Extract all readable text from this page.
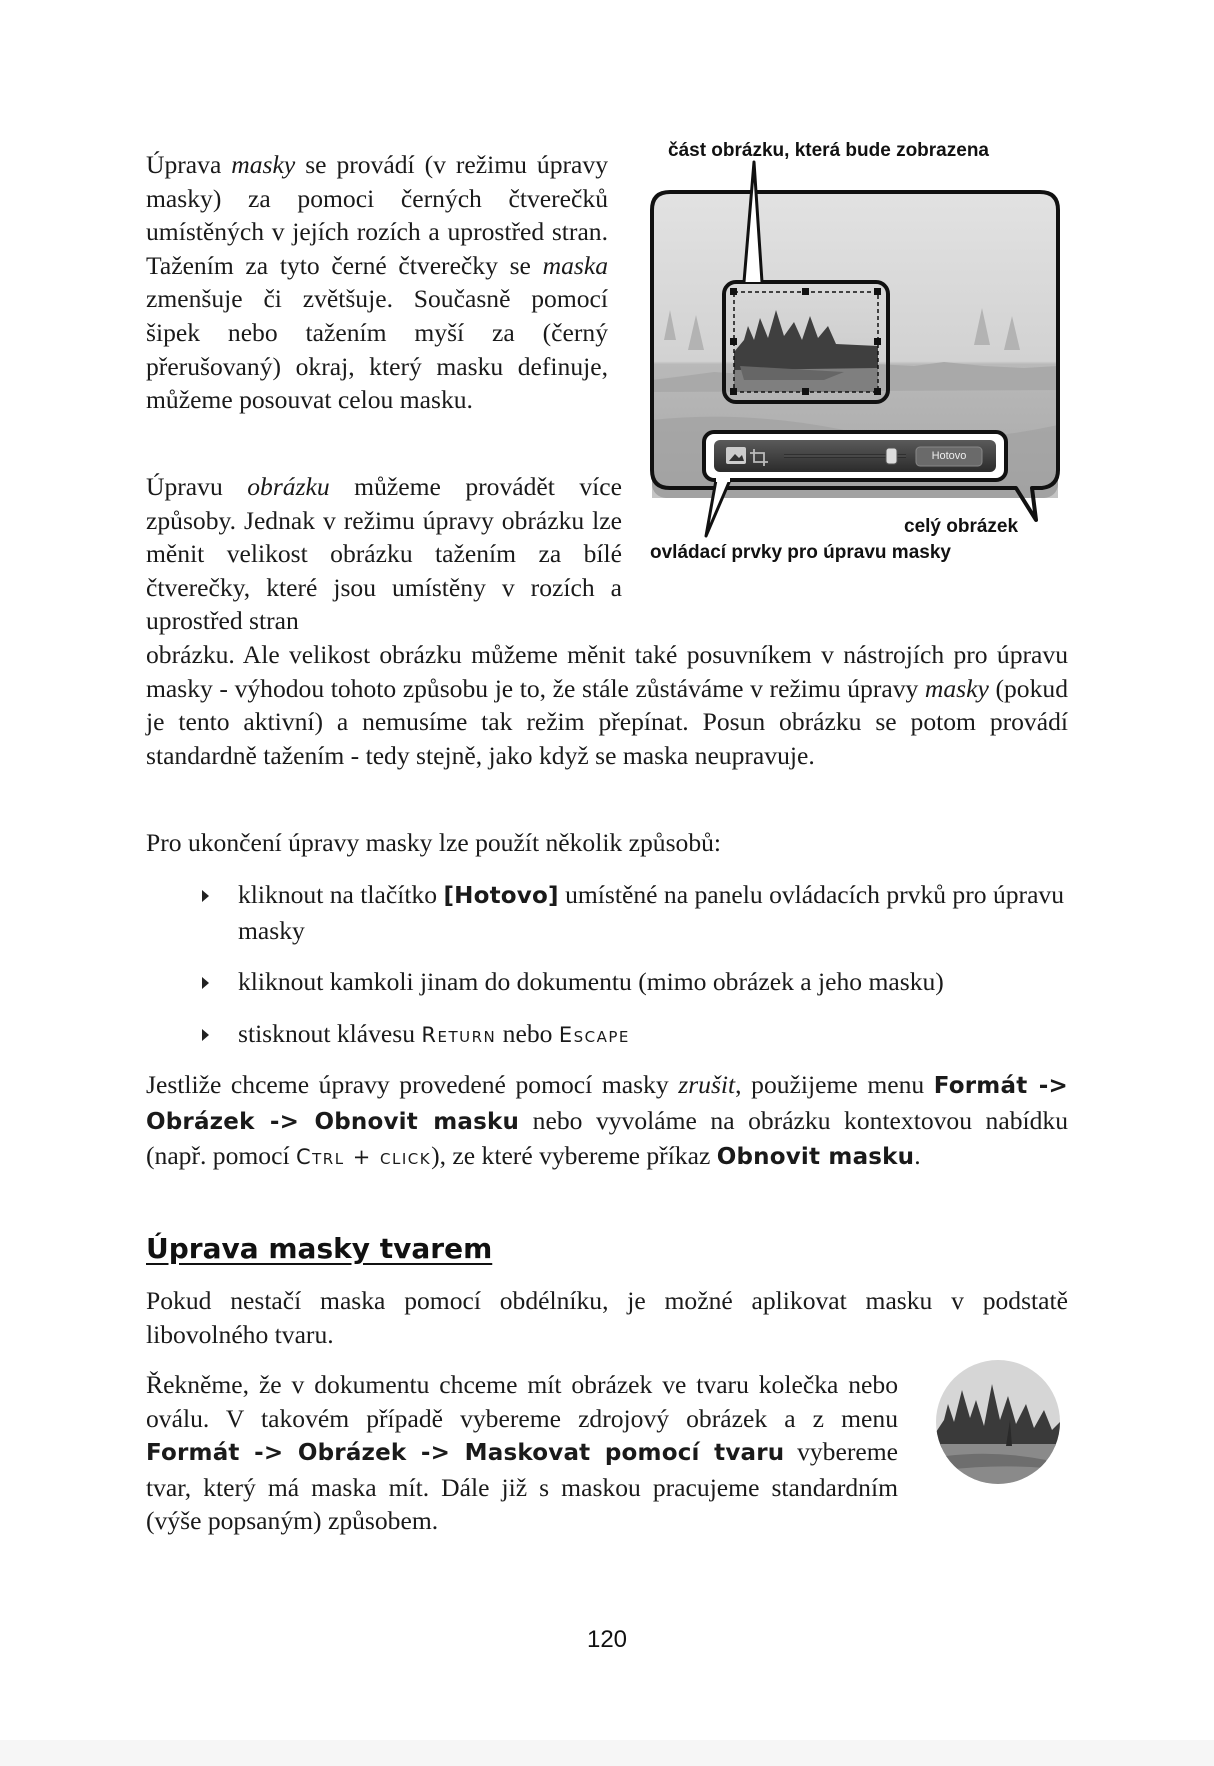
Úprava masky se provádí (v režimu úpravy masky) za pomoci černých čtverečků umístěných v jejích rozích a uprostřed stran. Tažením za tyto černé čtverečky se maska zmenšuje či zvětšuje. Současně pomocí šipek nebo tažením myší za (černý přerušovaný) okraj, který masku definuje, můžeme posouvat celou masku.

část obrázku, která bude zobrazena
celý obrázek
ovládací prvky pro úpravu masky
Hotovo

Úpravu obrázku můžeme provádět více způsoby. Jednak v režimu úpravy obrázku lze měnit velikost obrázku tažením za bílé čtverečky, které jsou umístěny v rozích a uprostřed stran

obrázku. Ale velikost obrázku můžeme měnit také posuvníkem v nástrojích pro úpravu masky - výhodou tohoto způsobu je to, že stále zůstáváme v režimu úpravy masky (pokud je tento aktivní) a nemusíme tak režim přepínat. Posun obrázku se potom provádí standardně tažením - tedy stejně, jako když se maska neupravuje.

Pro ukončení úpravy masky lze použít několik způsobů:

kliknout na tlačítko [Hotovo] umístěné na panelu ovládacích prvků pro úpravu masky
kliknout kamkoli jinam do dokumentu (mimo obrázek a jeho masku)
stisknout klávesu Return nebo Escape

Jestliže chceme úpravy provedené pomocí masky zrušit, použijeme menu Formát -> Obrázek -> Obnovit masku nebo vyvoláme na obrázku kontextovou nabídku (např. pomocí Ctrl + click), ze které vybereme příkaz Obnovit masku.

Úprava masky tvarem

Pokud nestačí maska pomocí obdélníku, je možné aplikovat masku v podstatě libovolného tvaru.

Řekněme, že v dokumentu chceme mít obrázek ve tvaru kolečka nebo oválu. V takovém případě vybereme zdrojový obrázek a z menu Formát -> Obrázek -> Maskovat pomocí tvaru vybereme tvar, který má maska mít. Dále již s maskou pracujeme standardním (výše popsaným) způsobem.

120
